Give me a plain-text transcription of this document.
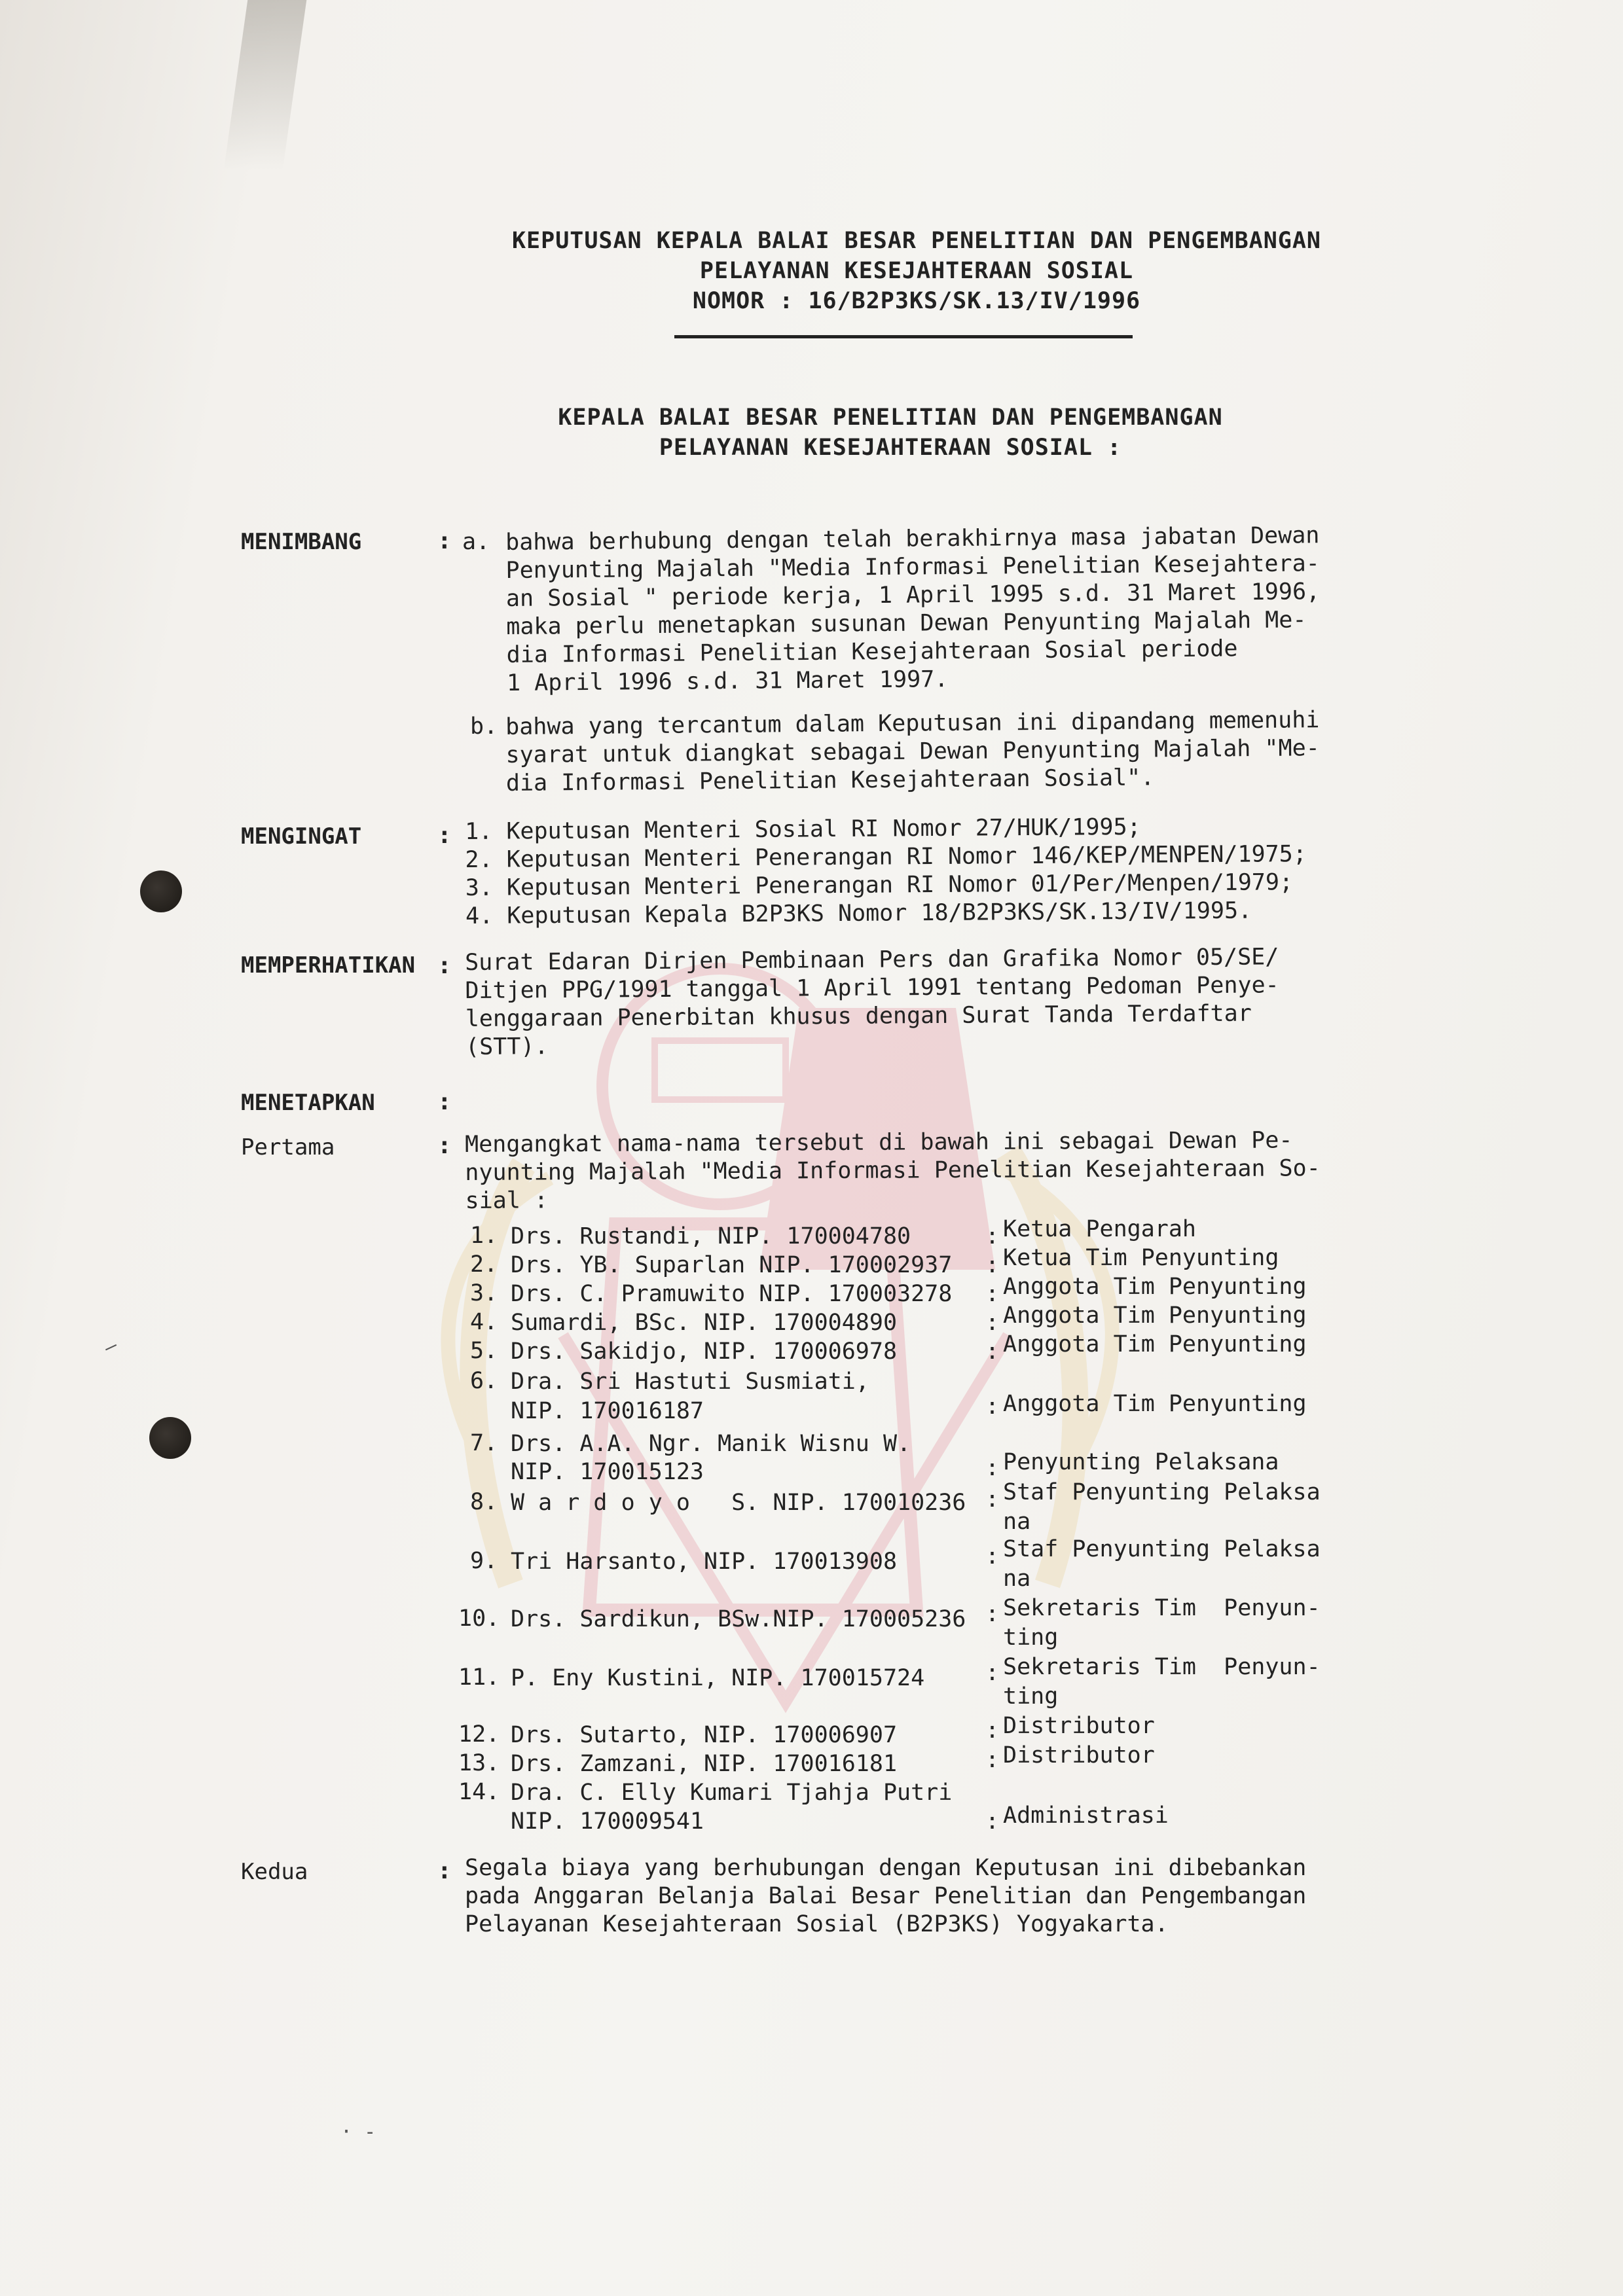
KEPUTUSAN KEPALA BALAI BESAR PENELITIAN DAN PENGEMBANGAN
PELAYANAN KESEJAHTERAAN SOSIAL
NOMOR : 16/B2P3KS/SK.13/IV/1996
KEPALA BALAI BESAR PENELITIAN DAN PENGEMBANGAN
PELAYANAN KESEJAHTERAAN SOSIAL :
MENIMBANG	: a. bahwa berhubung dengan telah berakhirnya masa jabatan Dewan
Penyunting Majalah "Media Informasi Penelitian Kesejahtera-
an Sosial " periode kerja, 1 April 1995 s.d. 31 Maret 1996,
maka perlu menetapkan susunan Dewan Penyunting Majalah Me-
dia Informasi Penelitian Kesejahteraan Sosial periode
1 April 1996 s.d. 31 Maret 1997.
b. bahwa yang tercantum dalam Keputusan ini dipandang memenuhi
syarat untuk diangkat sebagai Dewan Penyunting Majalah "Me-
dia Informasi Penelitian Kesejahteraan Sosial".
MENGINGAT	: 1. Keputusan Menteri Sosial RI Nomor 27/HUK/1995;
2. Keputusan Menteri Penerangan RI Nomor 146/KEP/MENPEN/1975;
3. Keputusan Menteri Penerangan RI Nomor 01/Per/Menpen/1979;
4. Keputusan Kepala B2P3KS Nomor 18/B2P3KS/SK.13/IV/1995.
MEMPERHATIKAN : Surat Edaran Dirjen Pembinaan Pers dan Grafika Nomor 05/SE/
Ditjen PPG/1991 tanggal 1 April 1991 tentang Pedoman Penye-
lenggaraan Penerbitan khusus dengan Surat Tanda Terdaftar
(STT).
MENETAPKAN	:
Pertama	: Mengangkat nama-nama tersebut di bawah ini sebagai Dewan Pe-
nyunting Majalah "Media Informasi Penelitian Kesejahteraan So-
sial :
1. Drs. Rustandi, NIP. 170004780	: Ketua Pengarah
2. Drs. YB. Suparlan NIP. 170002937 : Ketua Tim Penyunting
3. Drs. C. Pramuwito NIP. 170003278 : Anggota Tim Penyunting
4. Sumardi, BSc. NIP. 170004890	: Anggota Tim Penyunting
5. Drs. Sakidjo, NIP. 170006978	: Anggota Tim Penyunting
6. Dra. Sri Hastuti Susmiati,
NIP. 170016187	: Anggota Tim Penyunting
7. Drs. A.A. Ngr. Manik Wisnu W.
NIP. 170015123	: Penyunting Pelaksana
8. W a r d o y o   S. NIP. 170010236 : Staf Penyunting Pelaksa
na
9. Tri Harsanto, NIP. 170013908	: Staf Penyunting Pelaksa
na
10. Drs. Sardikun, BSw.NIP. 170005236 : Sekretaris Tim  Penyun-
ting
11. P. Eny Kustini, NIP. 170015724	: Sekretaris Tim  Penyun-
ting
12. Drs. Sutarto, NIP. 170006907	: Distributor
13. Drs. Zamzani, NIP. 170016181	: Distributor
14. Dra. C. Elly Kumari Tjahja Putri
NIP. 170009541	: Administrasi
Kedua	: Segala biaya yang berhubungan dengan Keputusan ini dibebankan
pada Anggaran Belanja Balai Besar Penelitian dan Pengembangan
Pelayanan Kesejahteraan Sosial (B2P3KS) Yogyakarta.
· -
—
